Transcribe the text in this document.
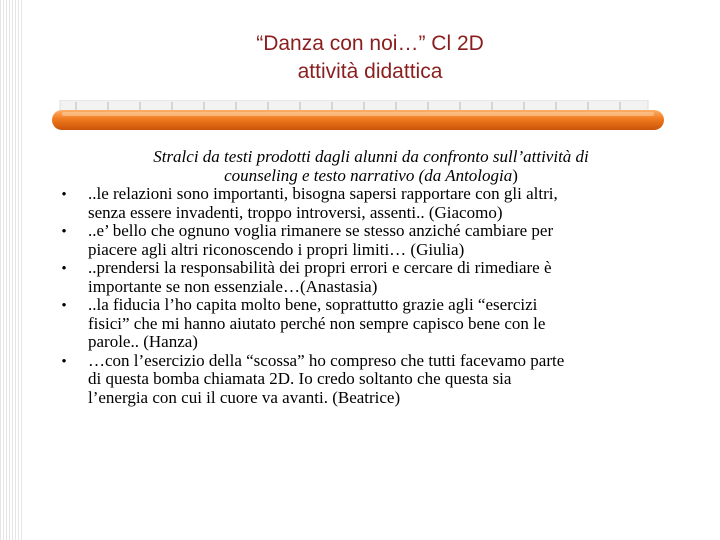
“Danza con noi…” Cl 2D
attività didattica
Stralci da testi prodotti dagli alunni da confronto sull’attività di
counseling e testo narrativo (da Antologia)
•	..le relazioni sono importanti, bisogna sapersi rapportare con gli altri,
senza essere invadenti, troppo introversi, assenti.. (Giacomo)
•	..e’ bello che ognuno voglia rimanere se stesso anziché cambiare per
piacere agli altri riconoscendo i propri limiti… (Giulia)
•	..prendersi la responsabilità dei propri errori e cercare di rimediare è
importante se non essenziale…(Anastasia)
•	..la fiducia l’ho capita molto bene, soprattutto grazie agli “esercizi
fisici” che mi hanno aiutato perché non sempre capisco bene con le
parole.. (Hanza)
•	…con l’esercizio della “scossa” ho compreso che tutti facevamo parte
di questa bomba chiamata 2D. Io credo soltanto che questa sia
l’energia con cui il cuore va avanti. (Beatrice)
